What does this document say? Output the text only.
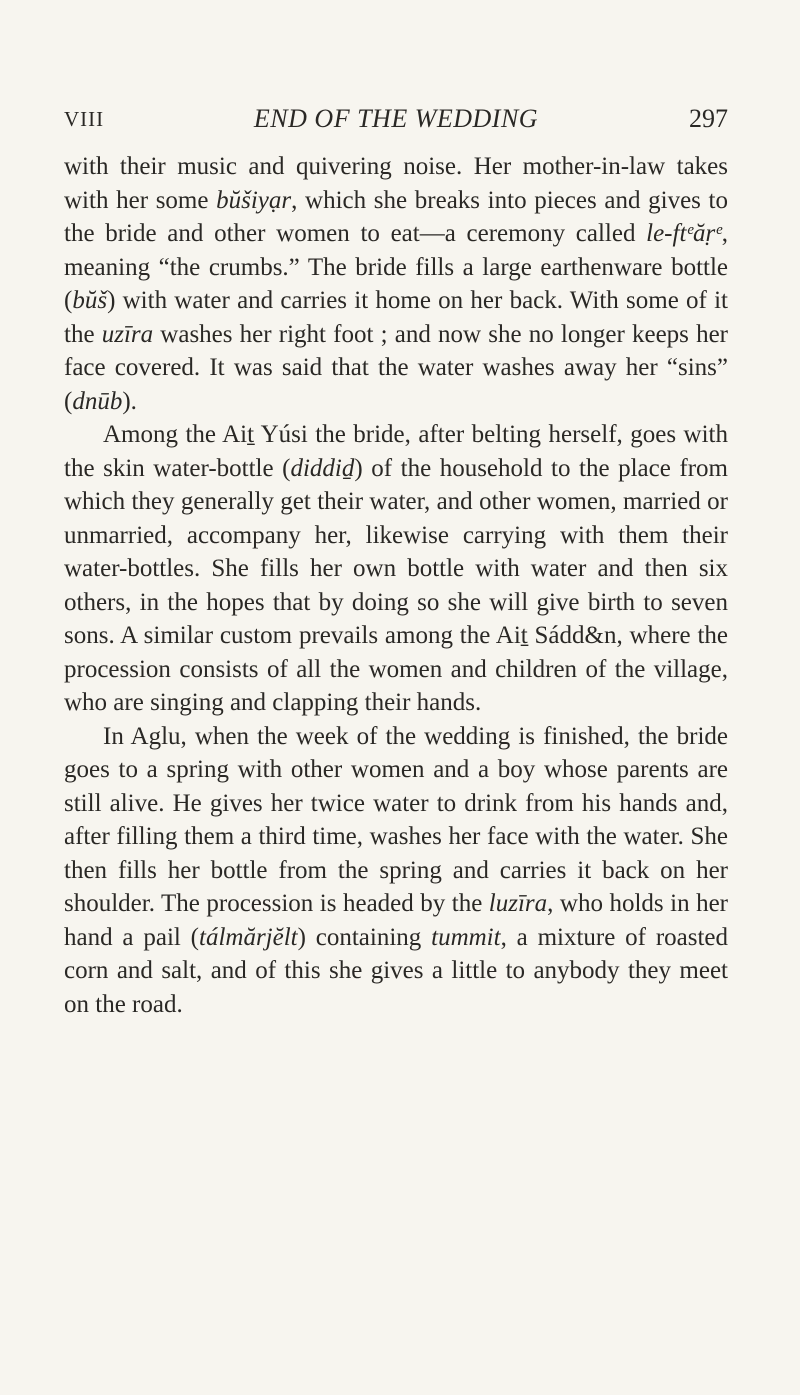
VIII	END OF THE WEDDING	297

with their music and quivering noise. Her mother-in-law takes with her some bŭšiyạr, which she breaks into pieces and gives to the bride and other women to eat—a ceremony called le-ftᵉăṛᵉ, meaning “the crumbs.” The bride fills a large earthenware bottle (bŭš) with water and carries it home on her back. With some of it the uzīra washes her right foot ; and now she no longer keeps her face covered. It was said that the water washes away her “sins” (dnūb).

Among the Aiṯ Yúsi the bride, after belting herself, goes with the skin water-bottle (diddiḏ) of the household to the place from which they generally get their water, and other women, married or unmarried, accompany her, likewise carrying with them their water-bottles. She fills her own bottle with water and then six others, in the hopes that by doing so she will give birth to seven sons. A similar custom prevails among the Aiṯ Sádd&n, where the procession consists of all the women and children of the village, who are singing and clapping their hands.

In Aglu, when the week of the wedding is finished, the bride goes to a spring with other women and a boy whose parents are still alive. He gives her twice water to drink from his hands and, after filling them a third time, washes her face with the water. She then fills her bottle from the spring and carries it back on her shoulder. The procession is headed by the luzīra, who holds in her hand a pail (tálmărjĕlt) containing tummit, a mixture of roasted corn and salt, and of this she gives a little to anybody they meet on the road.
